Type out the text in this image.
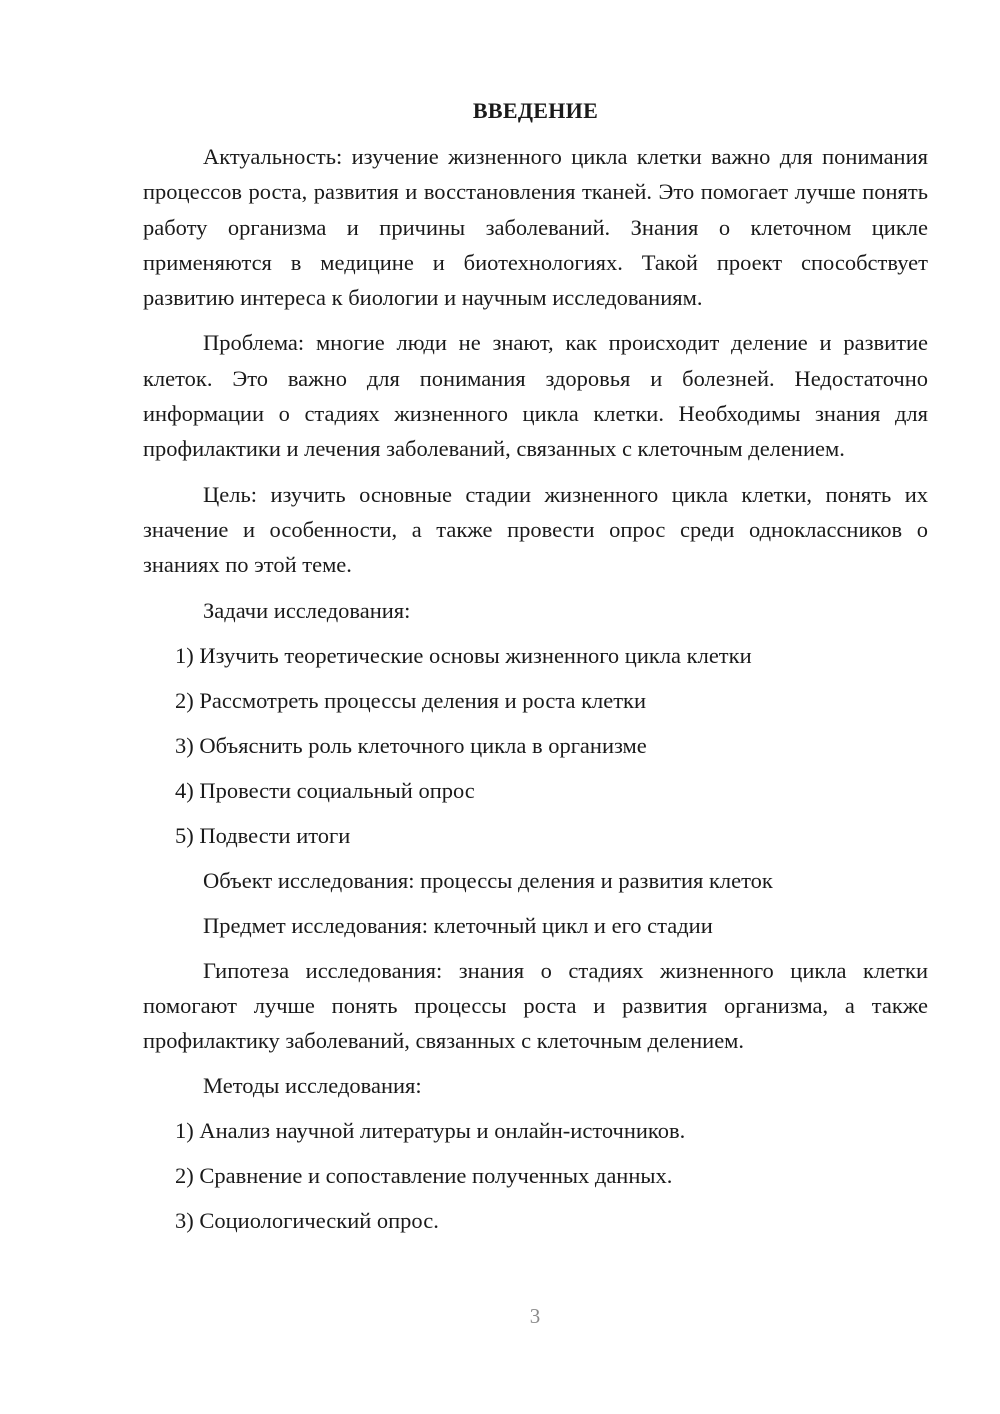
ВВЕДЕНИЕ

Актуальность: изучение жизненного цикла клетки важно для понимания процессов роста, развития и восстановления тканей. Это помогает лучше понять работу организма и причины заболеваний. Знания о клеточном цикле применяются в медицине и биотехнологиях. Такой проект способствует развитию интереса к биологии и научным исследованиям.

Проблема: многие люди не знают, как происходит деление и развитие клеток. Это важно для понимания здоровья и болезней. Недостаточно информации о стадиях жизненного цикла клетки. Необходимы знания для профилактики и лечения заболеваний, связанных с клеточным делением.

Цель: изучить основные стадии жизненного цикла клетки, понять их значение и особенности, а также провести опрос среди одноклассников о знаниях по этой теме.

Задачи исследования:

1) Изучить теоретические основы жизненного цикла клетки

2) Рассмотреть процессы деления и роста клетки

3) Объяснить роль клеточного цикла в организме

4) Провести социальный опрос

5) Подвести итоги

Объект исследования: процессы деления и развития клеток

Предмет исследования: клеточный цикл и его стадии

Гипотеза исследования: знания о стадиях жизненного цикла клетки помогают лучше понять процессы роста и развития организма, а также профилактику заболеваний, связанных с клеточным делением.

Методы исследования:

1) Анализ научной литературы и онлайн-источников.

2) Сравнение и сопоставление полученных данных.

3) Социологический опрос.

3
